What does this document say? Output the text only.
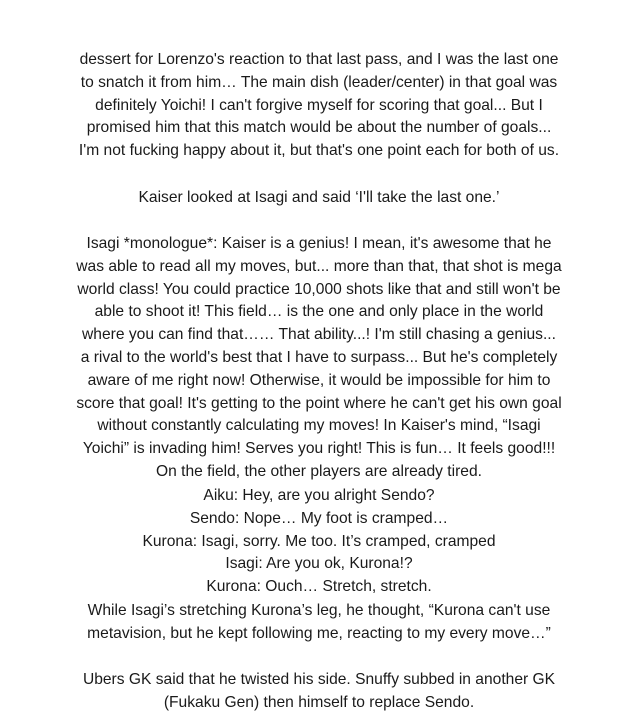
dessert for Lorenzo's reaction to that last pass, and I was the last one
to snatch it from him… The main dish (leader/center) in that goal was
definitely Yoichi! I can't forgive myself for scoring that goal... But I
promised him that this match would be about the number of goals...
I'm not fucking happy about it, but that's one point each for both of us.

Kaiser looked at Isagi and said ‘I'll take the last one.’

Isagi *monologue*: Kaiser is a genius! I mean, it's awesome that he
was able to read all my moves, but... more than that, that shot is mega
world class! You could practice 10,000 shots like that and still won't be
able to shoot it! This field… is the one and only place in the world
where you can find that…… That ability...! I'm still chasing a genius...
a rival to the world's best that I have to surpass... But he's completely
aware of me right now! Otherwise, it would be impossible for him to
score that goal! It's getting to the point where he can't get his own goal
without constantly calculating my moves! In Kaiser's mind, “Isagi
Yoichi” is invading him! Serves you right! This is fun… It feels good!!!
On the field, the other players are already tired.

Aiku: Hey, are you alright Sendo?
Sendo: Nope… My foot is cramped…
Kurona: Isagi, sorry. Me too. It’s cramped, cramped
Isagi: Are you ok, Kurona!?
Kurona: Ouch… Stretch, stretch.

While Isagi’s stretching Kurona’s leg, he thought, “Kurona can't use
metavision, but he kept following me, reacting to my every move…”

Ubers GK said that he twisted his side. Snuffy subbed in another GK
(Fukaku Gen) then himself to replace Sendo.
